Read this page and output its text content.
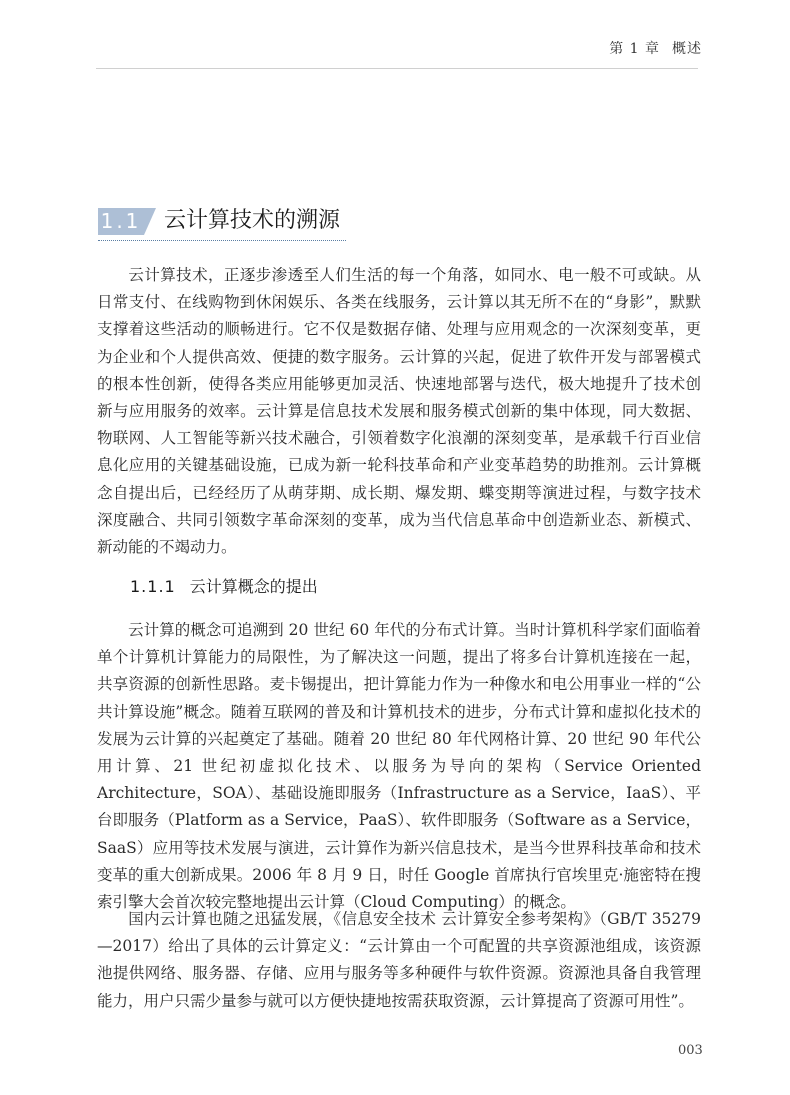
第 1 章 概述
1.1 云计算技术的溯源

云计算技术，正逐步渗透至人们生活的每一个角落，如同水、电一般不可或缺。从日常支付、在线购物到休闲娱乐、各类在线服务，云计算以其无所不在的“身影”，默默支撑着这些活动的顺畅进行。它不仅是数据存储、处理与应用观念的一次深刻变革，更为企业和个人提供高效、便捷的数字服务。云计算的兴起，促进了软件开发与部署模式的根本性创新，使得各类应用能够更加灵活、快速地部署与迭代，极大地提升了技术创新与应用服务的效率。云计算是信息技术发展和服务模式创新的集中体现，同大数据、物联网、人工智能等新兴技术融合，引领着数字化浪潮的深刻变革，是承载千行百业信息化应用的关键基础设施，已成为新一轮科技革命和产业变革趋势的助推剂。云计算概念自提出后，已经经历了从萌芽期、成长期、爆发期、蝶变期等演进过程，与数字技术深度融合、共同引领数字革命深刻的变革，成为当代信息革命中创造新业态、新模式、新动能的不竭动力。

1.1.1 云计算概念的提出

云计算的概念可追溯到 20 世纪 60 年代的分布式计算。当时计算机科学家们面临着单个计算机计算能力的局限性，为了解决这一问题，提出了将多台计算机连接在一起，共享资源的创新性思路。麦卡锡提出，把计算能力作为一种像水和电公用事业一样的“公共计算设施”概念。随着互联网的普及和计算机技术的进步，分布式计算和虚拟化技术的发展为云计算的兴起奠定了基础。随着 20 世纪 80 年代网格计算、20 世纪 90 年代公用计算、21 世纪初虚拟化技术、以服务为导向的架构（Service Oriented Architecture，SOA）、基础设施即服务（Infrastructure as a Service，IaaS）、平台即服务（Platform as a Service，PaaS）、软件即服务（Software as a Service，SaaS）应用等技术发展与演进，云计算作为新兴信息技术，是当今世界科技革命和技术变革的重大创新成果。2006 年 8 月 9 日，时任 Google 首席执行官埃里克·施密特在搜索引擎大会首次较完整地提出云计算（Cloud Computing）的概念。

国内云计算也随之迅猛发展，《信息安全技术 云计算安全参考架构》（GB/T 35279—2017）给出了具体的云计算定义：“云计算由一个可配置的共享资源池组成，该资源池提供网络、服务器、存储、应用与服务等多种硬件与软件资源。资源池具备自我管理能力，用户只需少量参与就可以方便快捷地按需获取资源，云计算提高了资源可用性”。

003
